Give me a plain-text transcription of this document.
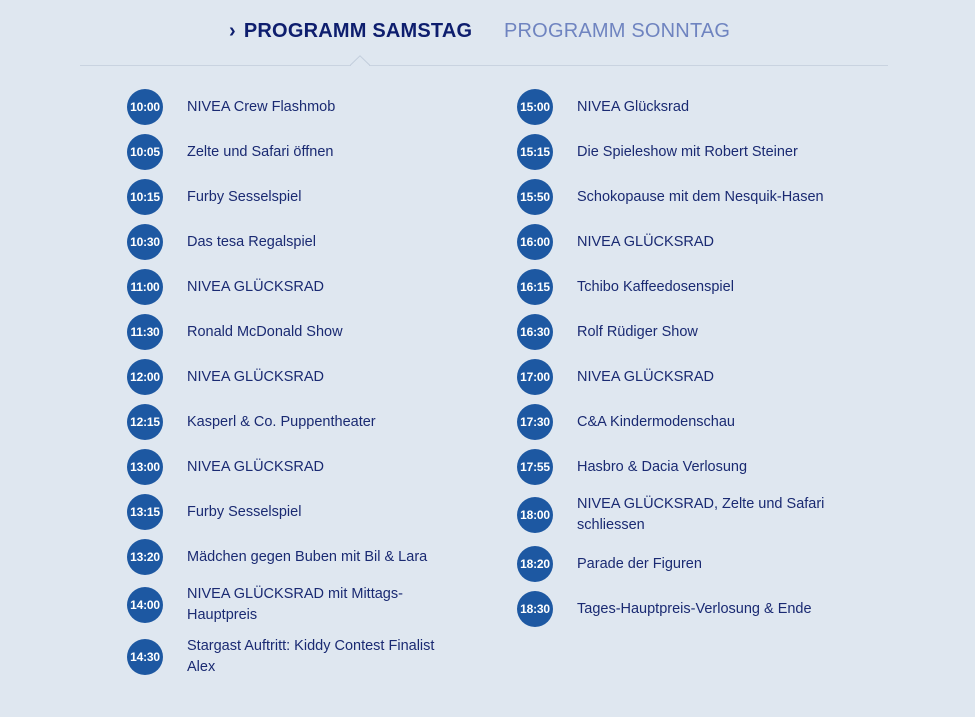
› PROGRAMM SAMSTAG PROGRAMM SONNTAG
10:00 NIVEA Crew Flashmob
10:05 Zelte und Safari öffnen
10:15 Furby Sesselspiel
10:30 Das tesa Regalspiel
11:00 NIVEA GLÜCKSRAD
11:30 Ronald McDonald Show
12:00 NIVEA GLÜCKSRAD
12:15 Kasperl & Co. Puppentheater
13:00 NIVEA GLÜCKSRAD
13:15 Furby Sesselspiel
13:20 Mädchen gegen Buben mit Bil & Lara
14:00
NIVEA GLÜCKSRAD mit Mittags-Hauptpreis
14:30
Stargast Auftritt: Kiddy Contest Finalist Alex
15:00 NIVEA Glücksrad
15:15 Die Spieleshow mit Robert Steiner
15:50 Schokopause mit dem Nesquik-Hasen
16:00 NIVEA GLÜCKSRAD
16:15 Tchibo Kaffeedosenspiel
16:30 Rolf Rüdiger Show
17:00 NIVEA GLÜCKSRAD
17:30 C&A Kindermodenschau
17:55 Hasbro & Dacia Verlosung
18:00
NIVEA GLÜCKSRAD, Zelte und Safari schliessen
18:20 Parade der Figuren
18:30 Tages-Hauptpreis-Verlosung & Ende
